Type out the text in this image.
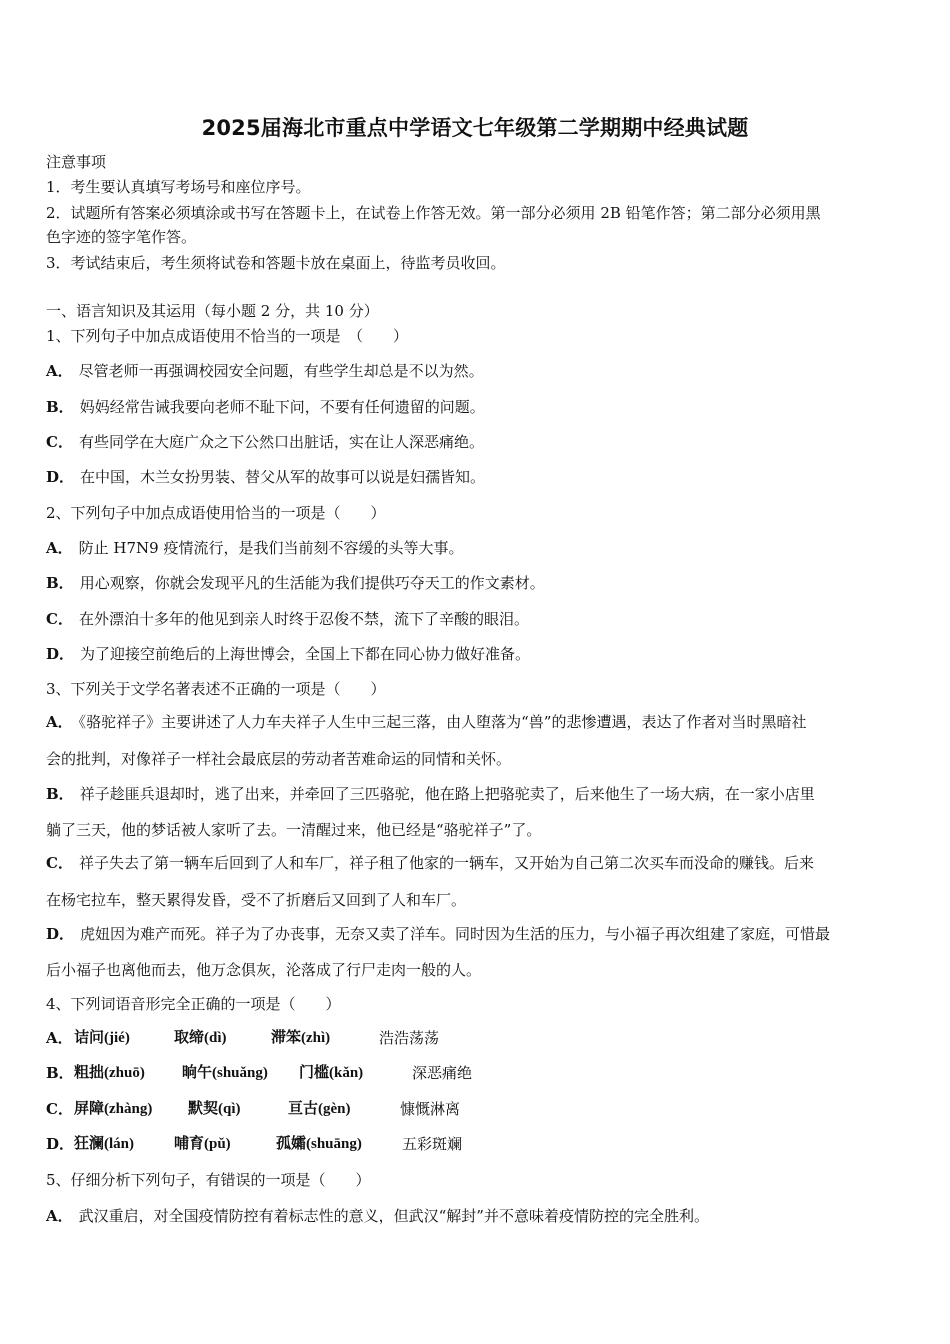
2025届海北市重点中学语文七年级第二学期期中经典试题
注意事项
1．考生要认真填写考场号和座位序号。
2．试题所有答案必须填涂或书写在答题卡上，在试卷上作答无效。第一部分必须用 2B 铅笔作答；第二部分必须用黑
色字迹的签字笔作答。
3．考试结束后，考生须将试卷和答题卡放在桌面上，待监考员收回。
一、语言知识及其运用（每小题 2 分，共 10 分）
1、下列句子中加点成语使用不恰当的一项是　（　　）
A． 尽管老师一再强调校园安全问题，有些学生却总是不以为然。
B． 妈妈经常告诫我要向老师不耻下问，不要有任何遗留的问题。
C． 有些同学在大庭广众之下公然口出脏话，实在让人深恶痛绝。
D． 在中国，木兰女扮男装、替父从军的故事可以说是妇孺皆知。
2、下列句子中加点成语使用恰当的一项是（　　）
A． 防止 H7N9 疫情流行，是我们当前刻不容缓的头等大事。
B． 用心观察，你就会发现平凡的生活能为我们提供巧夺天工的作文素材。
C． 在外漂泊十多年的他见到亲人时终于忍俊不禁，流下了辛酸的眼泪。
D． 为了迎接空前绝后的上海世博会，全国上下都在同心协力做好准备。
3、下列关于文学名著表述不正确的一项是（　　）
A． 《骆驼祥子》主要讲述了人力车夫祥子人生中三起三落，由人堕落为“兽”的悲惨遭遇，表达了作者对当时黑暗社
会的批判，对像祥子一样社会最底层的劳动者苦难命运的同情和关怀。
B． 祥子趁匪兵退却时，逃了出来，并牵回了三匹骆驼，他在路上把骆驼卖了，后来他生了一场大病，在一家小店里
躺了三天，他的梦话被人家听了去。一清醒过来，他已经是“骆驼祥子”了。
C． 祥子失去了第一辆车后回到了人和车厂，祥子租了他家的一辆车，又开始为自己第二次买车而没命的赚钱。后来
在杨宅拉车，整天累得发昏，受不了折磨后又回到了人和车厂。
D． 虎妞因为难产而死。祥子为了办丧事，无奈又卖了洋车。同时因为生活的压力，与小福子再次组建了家庭，可惜最
后小福子也离他而去，他万念俱灰，沦落成了行尸走肉一般的人。
4、下列词语音形完全正确的一项是（　　）
A． 诘问(jié)	取缔(dì)	滞笨(zhì)	浩浩荡荡
B． 粗拙(zhuō) 晌午(shuǎng) 门槛(kǎn)	深恶痛绝
C． 屏障(zhàng) 默契(qì)	亘古(gèn)	慷慨淋离
D． 狂澜(lán)	哺育(pǔ)	孤孀(shuāng)	五彩斑斓
5、仔细分析下列句子，有错误的一项是（　　）
A． 武汉重启，对全国疫情防控有着标志性的意义，但武汉“解封”并不意味着疫情防控的完全胜利。
